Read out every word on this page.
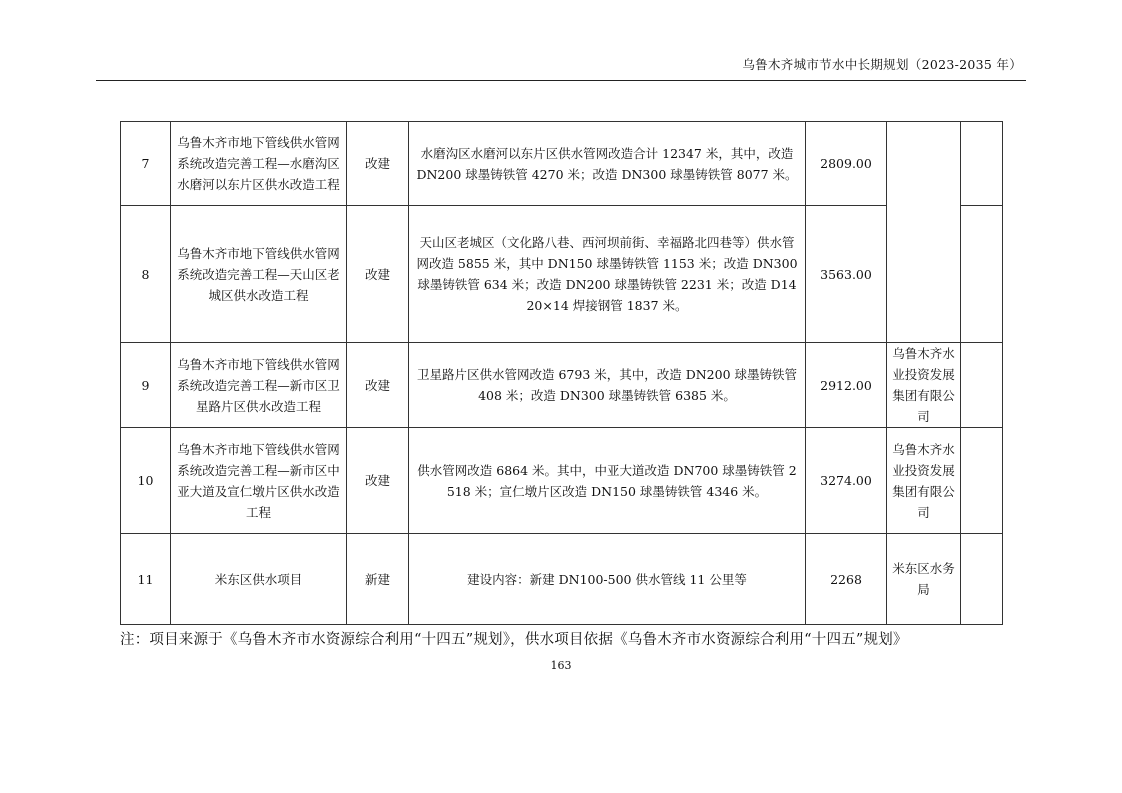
乌鲁木齐城市节水中长期规划（2023-2035 年）
7	乌鲁木齐市地下管线供水管网系统改造完善工程—水磨沟区水磨河以东片区供水改造工程	改建	水磨沟区水磨河以东片区供水管网改造合计 12347 米，其中，改造 DN200 球墨铸铁管 4270 米；改造 DN300 球墨铸铁管 8077 米。	2809.00		
8	乌鲁木齐市地下管线供水管网系统改造完善工程—天山区老城区供水改造工程	改建	天山区老城区（文化路八巷、西河坝前街、幸福路北四巷等）供水管网改造 5855 米，其中 DN150 球墨铸铁管 1153 米；改造 DN300 球墨铸铁管 634 米；改造 DN200 球墨铸铁管 2231 米；改造 D1420×14 焊接钢管 1837 米。	3563.00		
9	乌鲁木齐市地下管线供水管网系统改造完善工程—新市区卫星路片区供水改造工程	改建	卫星路片区供水管网改造 6793 米，其中，改造 DN200 球墨铸铁管 408 米；改造 DN300 球墨铸铁管 6385 米。	2912.00	乌鲁木齐水业投资发展集团有限公司	
10	乌鲁木齐市地下管线供水管网系统改造完善工程—新市区中亚大道及宣仁墩片区供水改造工程	改建	供水管网改造 6864 米。其中，中亚大道改造 DN700 球墨铸铁管 2518 米；宣仁墩片区改造 DN150 球墨铸铁管 4346 米。	3274.00	乌鲁木齐水业投资发展集团有限公司	
11	米东区供水项目	新建	建设内容：新建 DN100-500 供水管线 11 公里等	2268	米东区水务局	
注：项目来源于《乌鲁木齐市水资源综合利用“十四五”规划》，供水项目依据《乌鲁木齐市水资源综合利用“十四五”规划》
163
